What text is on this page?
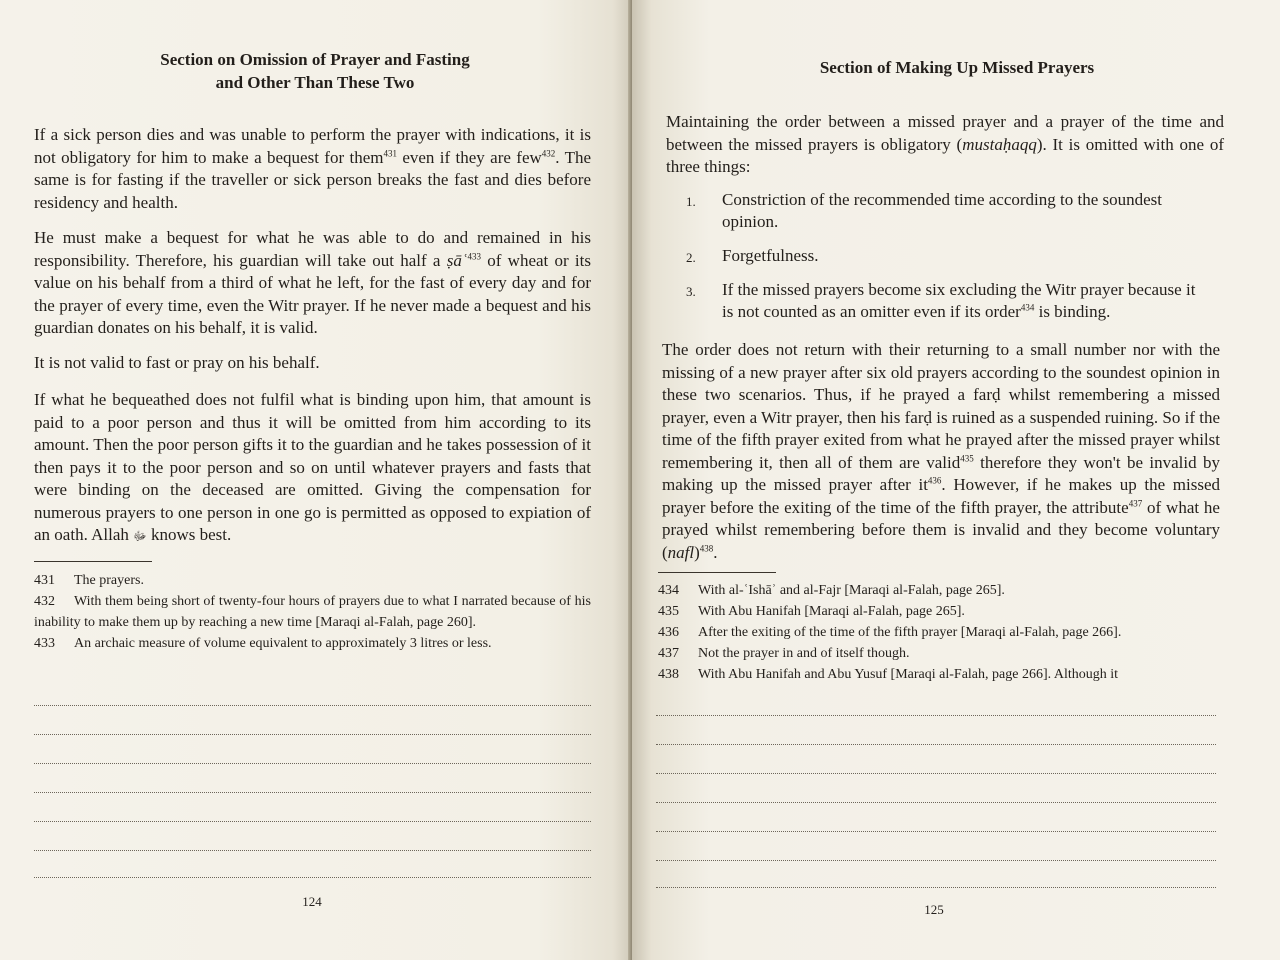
Section on Omission of Prayer and Fasting
and Other Than These Two

If a sick person dies and was unable to perform the prayer with indications, it is not obligatory for him to make a bequest for them$^{431}$ even if they are few$^{432}$. The same is for fasting if the traveller or sick person breaks the fast and dies before residency and health.

He must make a bequest for what he was able to do and remained in his responsibility. Therefore, his guardian will take out half a ṣāʿ$^{433}$ of wheat or its value on his behalf from a third of what he left, for the fast of every day and for the prayer of every time, even the Witr prayer. If he never made a bequest and his guardian donates on his behalf, it is valid.

It is not valid to fast or pray on his behalf.

If what he bequeathed does not fulfil what is binding upon him, that amount is paid to a poor person and thus it will be omitted from him according to its amount. Then the poor person gifts it to the guardian and he takes possession of it then pays it to the poor person and so on until whatever prayers and fasts that were binding on the deceased are omitted. Giving the compensation for numerous prayers to one person in one go is permitted as opposed to expiation of an oath. Allah ﷻ knows best.

431 The prayers.

432 With them being short of twenty-four hours of prayers due to what I narrated because of his inability to make them up by reaching a new time [Maraqi al-Falah, page 260].

433 An archaic measure of volume equivalent to approximately 3 litres or less.

124
Section of Making Up Missed Prayers

Maintaining the order between a missed prayer and a prayer of the time and between the missed prayers is obligatory (mustaḥaqq). It is omitted with one of three things:

1. Constriction of the recommended time according to the soundest opinion.
2. Forgetfulness.
3. If the missed prayers become six excluding the Witr prayer because it is not counted as an omitter even if its order$^{434}$ is binding.

The order does not return with their returning to a small number nor with the missing of a new prayer after six old prayers according to the soundest opinion in these two scenarios. Thus, if he prayed a farḍ whilst remembering a missed prayer, even a Witr prayer, then his farḍ is ruined as a suspended ruining. So if the time of the fifth prayer exited from what he prayed after the missed prayer whilst remembering it, then all of them are valid$^{435}$ therefore they won't be invalid by making up the missed prayer after $it^{436}$. However, if he makes up the missed prayer before the exiting of the time of the fifth prayer, the attribute$^{437}$ of what he prayed whilst remembering before them is invalid and they become voluntary (nafl)$^{438}$.

434 With al-ʿIshāʾ and al-Fajr [Maraqi al-Falah, page 265].

435 With Abu Hanifah [Maraqi al-Falah, page 265].

436 After the exiting of the time of the fifth prayer [Maraqi al-Falah, page 266].

437 Not the prayer in and of itself though.

438 With Abu Hanifah and Abu Yusuf [Maraqi al-Falah, page 266]. Although it

125
